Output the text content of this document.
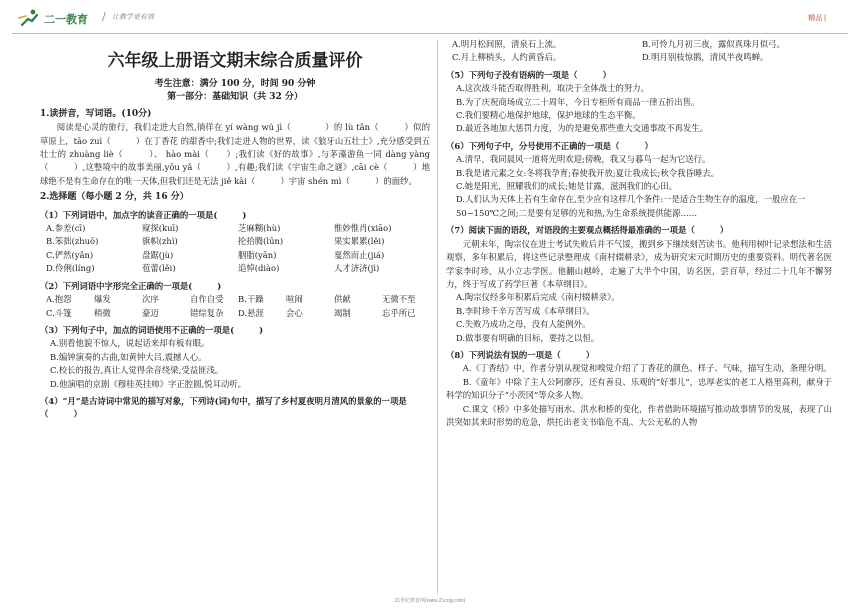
二一教育 / 让教学更有效	精品 |
六年级上册语文期末综合质量评价
考生注意：满分 100 分，时间 90 分钟
第一部分：基础知识（共 32 分）
1.读拼音，写词语。(10分)
阅读是心灵的旅行，我们走进大自然,徜徉在 yí wàng wú jì（　　　　）的 lù tǎn（　　　）似的草原上，tāo zuì（　　　）在丁香花 的甜香中;我们走进人物的世界，读《狼牙山五壮士》,充分感受到五壮士的 zhuàng liè（　　　）、 hào mài（　　）;我们读《好的故事》,与茅藻游鱼一同 dàng yàng（　　　）,这整境中的故事美丽,yōu yǎ（　　　）,有趣;我们读《宇宙生命之谜》,cāi cè（　　　）地球绝不是有生命存在的唯一天体,但我们还是无法 jiě kāi（　　　）宇宙 shén mì（　　　）的面纱。
2.选择题（每小题 2 分，共 16 分）
（1）下列词语中，加点字的读音正确的一项是(　　　)
A.参差(cī)	窥探(kuī)	芝麻糊(hù)	惟妙惟肖(xiāo)
B.笨拙(zhuō)	旗帜(zhì)	抡拾腾(lūn)	果实累累(lěi)
C.俨然(yǎn)	盘踞(jù)	胭脂(yān)	戛然而止(jiá)
D.伶俐(líng)	苞蕾(lěi)	追悼(diào)	人才济济(jì)
（2）下列词语中字形完全正确的一项是(　　　)
A.抱怨	爆发	次序	自作自受	B.干躁	喧闹	供献	无微不至
C.斗篷	稍微	豪迈	错综复杂	D.悬涯	会心	竭制	忘乎所已
（3）下列句子中，加点的词语使用不正确的一项是(　　　)
A.别看他貌不惊人，说起话来却有板有眼。
B.编钟演奏的古曲,如黄钟大吕,震撼人心。
C.校长的报告,真让人觉得余音绕梁,受益匪浅。
D.他演唱的京剧《穆桂英挂帅》字正腔圆,悦耳动听。
（4）“月”是古诗词中常见的描写对象，下列诗(词)句中，描写了乡村夏夜明月清风的景象的一项是（　　　）
A.明月松间照，清泉石上流。	B.可怜九月初三夜，露似真珠月似弓。
C.月上柳梢头，人约黄昏后。	D.明月别枝惊鹊，清风半夜鸣蝉。
（5）下列句子没有语病的一项是（　　　）
A.这次战斗能否取得胜利，取决于全体战士的努力。
B.为了庆祝商场成立二十周年，今日专柜所有商品一律五折出售。
C.我们要精心地保护地球，保护地球的生态平衡。
D.最近各地加大惩罚力度，为的是避免那些重大交通事故不再发生。
（6）下列句子中，分号使用不正确的一项是（　　　）
A.清早，我同晨风一道将光明欢迎;傍晚，我又与暮鸟一起为它送行。
B.我是诸元素之女:冬将我孕育;春使我开放;夏让我成长;秋令我昏睡去。
C.她是阳光，照耀我们的成长;她是甘露，滋润我们的心田。
D.人们认为天体上若有生命存在,至少应有这样几个条件:一是适合生物生存的温度，一般应在一 50~150℃之间;二是要有足够的光和热,为生命系统提供能源……
（7）阅读下面的语段，对语段的主要观点概括得最准确的一项是（　　　）
元朝末年，陶宗仪在进士考试失败后并不气馁，搬到乡下继续刻苦读书。他利用树叶记录想法和生活观察，多年积累后，将这些记录整理成《南村辍耕录》，成为研究宋元时期历史的重要资料。明代著名医学家李时珍，从小立志学医。他翻山越岭，走遍了大半个中国，访名医，尝百草，经过二十几年不懈努力，终于写成了药学巨著《本草纲目》。
A.陶宗仪经多年积累后完成《南村辍耕录》。
B.李时珍千辛万苦写成《本草纲目》。
C.失败乃成功之母，没有人能例外。
D.做事要有明确的目标，要持之以恒。
（8）下列说法有误的一项是（　　　）
A.《丁香结》中，作者分别从视觉和嗅觉介绍了丁香花的颜色、样子、气味，描写生动，条理分明。
B.《童年》中除了主人公阿廖莎，还有善良、乐观的“好事儿”，忠厚老实的老工人格里高利，献身于科学的知识分子“小茨冈”等众多人物。
C.课文《桥》中多处描写雨水、洪水和桥的变化，作者借助环境描写推动故事情节的发展，表现了山洪突如其来时形势的危急，烘托出老支书临危不乱、大公无私的人物
21世纪教育网(www.21cnjy.com)
